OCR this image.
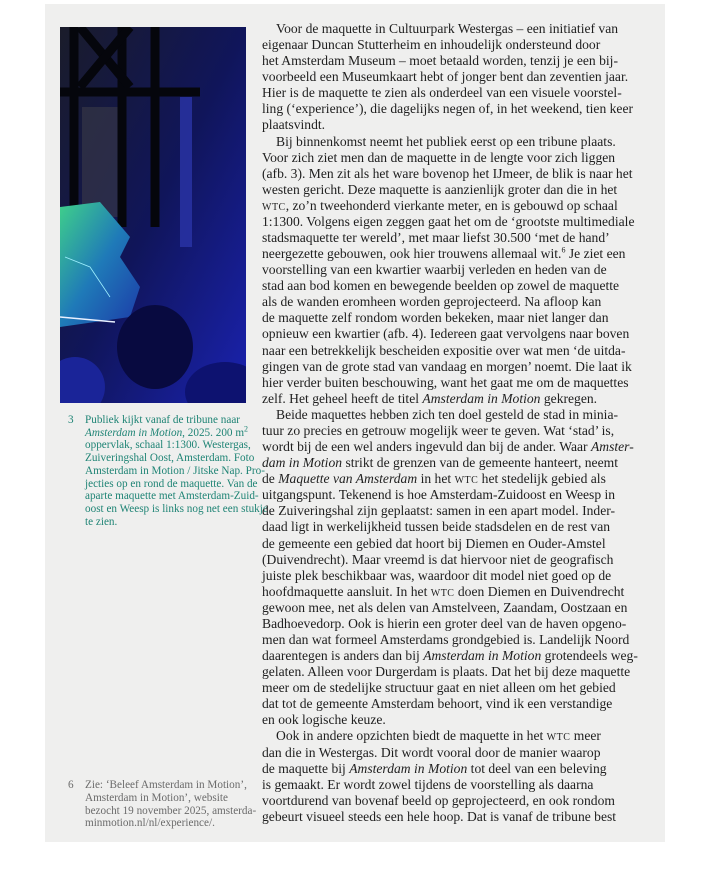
3 Publiek kijkt vanaf de tribune naar
Amsterdam in Motion, 2025. 200 $m^2$
oppervlak, schaal 1:1300. Westergas,
Zuiveringshal Oost, Amsterdam. Foto
Amsterdam in Motion / Jitske Nap. Pro-
jecties op en rond de maquette. Van de
aparte maquette met Amsterdam-Zuid-
oost en Weesp is links nog net een stukje
te zien.
6 Zie: ‘Beleef Amsterdam in Motion’,
Amsterdam in Motion’, website
bezocht 19 november 2025, amsterda-
minmotion.nl/nl/experience/.
Voor de maquette in Cultuurpark Westergas – een initiatief van
eigenaar Duncan Stutterheim en inhoudelijk ondersteund door
het Amsterdam Museum – moet betaald worden, tenzij je een bij-
voorbeeld een Museumkaart hebt of jonger bent dan zeventien jaar.
Hier is de maquette te zien als onderdeel van een visuele voorstel-
ling (‘experience’), die dagelijks negen of, in het weekend, tien keer
plaatsvindt.
Bij binnenkomst neemt het publiek eerst op een tribune plaats.
Voor zich ziet men dan de maquette in de lengte voor zich liggen
(afb. 3). Men zit als het ware bovenop het IJmeer, de blik is naar het
westen gericht. Deze maquette is aanzienlijk groter dan die in het
wtc, zo’n tweehonderd vierkante meter, en is gebouwd op schaal
1:1300. Volgens eigen zeggen gaat het om de ‘grootste multimediale
stadsmaquette ter wereld’, met maar liefst 30.500 ‘met de hand’
neergezette gebouwen, ook hier trouwens allemaal wit.$^6$ Je ziet een
voorstelling van een kwartier waarbij verleden en heden van de
stad aan bod komen en bewegende beelden op zowel de maquette
als de wanden eromheen worden geprojecteerd. Na afloop kan
de maquette zelf rondom worden bekeken, maar niet langer dan
opnieuw een kwartier (afb. 4). Iedereen gaat vervolgens naar boven
naar een betrekkelijk bescheiden expositie over wat men ‘de uitda-
gingen van de grote stad van vandaag en morgen’ noemt. Die laat ik
hier verder buiten beschouwing, want het gaat me om de maquettes
zelf. Het geheel heeft de titel Amsterdam in Motion gekregen.
Beide maquettes hebben zich ten doel gesteld de stad in minia-
tuur zo precies en getrouw mogelijk weer te geven. Wat ‘stad’ is,
wordt bij de een wel anders ingevuld dan bij de ander. Waar Amster-
dam in Motion strikt de grenzen van de gemeente hanteert, neemt
de Maquette van Amsterdam in het wtc het stedelijk gebied als
uitgangspunt. Tekenend is hoe Amsterdam-Zuidoost en Weesp in
de Zuiveringshal zijn geplaatst: samen in een apart model. Inder-
daad ligt in werkelijkheid tussen beide stadsdelen en de rest van
de gemeente een gebied dat hoort bij Diemen en Ouder-Amstel
(Duivendrecht). Maar vreemd is dat hiervoor niet de geografisch
juiste plek beschikbaar was, waardoor dit model niet goed op de
hoofdmaquette aansluit. In het wtc doen Diemen en Duivendrecht
gewoon mee, net als delen van Amstelveen, Zaandam, Oostzaan en
Badhoevedorp. Ook is hierin een groter deel van de haven opgeno-
men dan wat formeel Amsterdams grondgebied is. Landelijk Noord
daarentegen is anders dan bij Amsterdam in Motion grotendeels weg-
gelaten. Alleen voor Durgerdam is plaats. Dat het bij deze maquette
meer om de stedelijke structuur gaat en niet alleen om het gebied
dat tot de gemeente Amsterdam behoort, vind ik een verstandige
en ook logische keuze.
Ook in andere opzichten biedt de maquette in het wtc meer
dan die in Westergas. Dit wordt vooral door de manier waarop
de maquette bij Amsterdam in Motion tot deel van een beleving
is gemaakt. Er wordt zowel tijdens de voorstelling als daarna
voortdurend van bovenaf beeld op geprojecteerd, en ook rondom
gebeurt visueel steeds een hele hoop. Dat is vanaf de tribune best
